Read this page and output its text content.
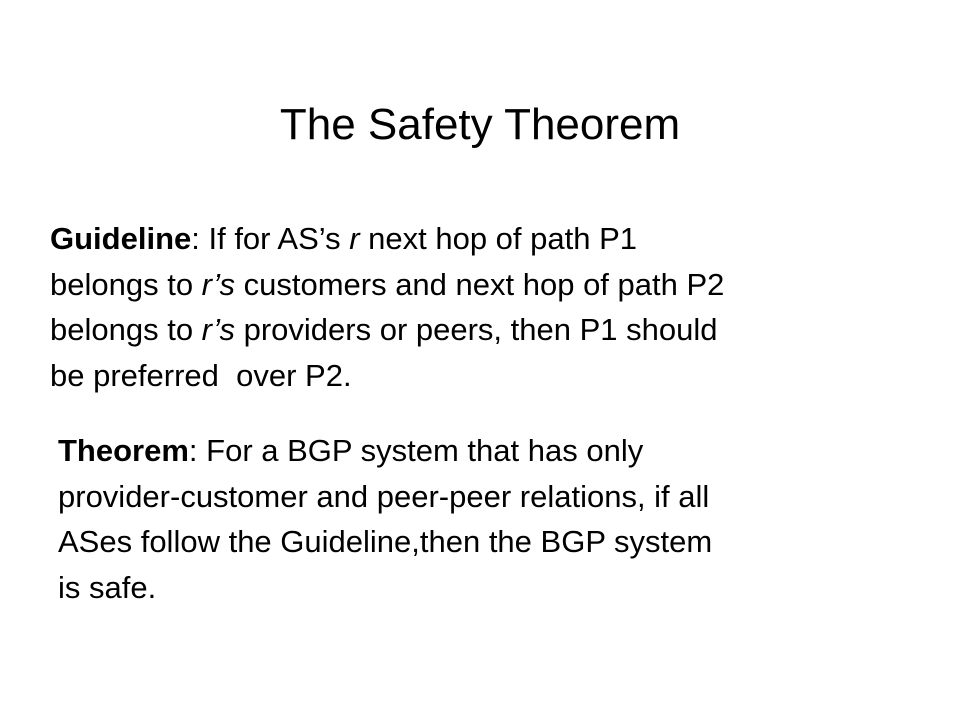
The Safety Theorem
Guideline: If for AS’s r next hop of path P1
belongs to r’s customers and next hop of path P2
belongs to r’s providers or peers, then P1 should
be preferred  over P2.
Theorem: For a BGP system that has only
provider-customer and peer-peer relations, if all
ASes follow the Guideline,then the BGP system
is safe.
